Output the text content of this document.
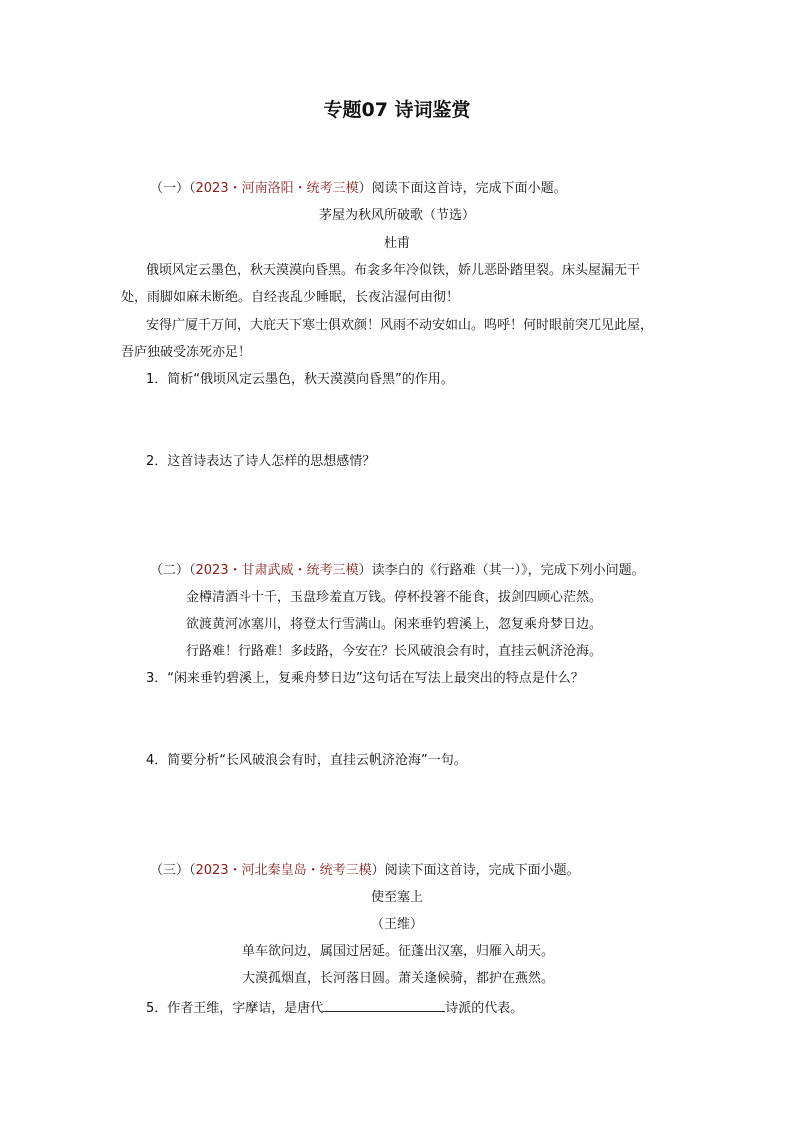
专题07 诗词鉴赏
（一）（2023・河南洛阳・统考三模）阅读下面这首诗，完成下面小题。
茅屋为秋风所破歌（节选）
杜甫
俄顷风定云墨色，秋天漠漠向昏黑。布衾多年冷似铁，娇儿恶卧踏里裂。床头屋漏无干
处，雨脚如麻未断绝。自经丧乱少睡眠，长夜沾湿何由彻！
安得广厦千万间，大庇天下寒士俱欢颜！风雨不动安如山。呜呼！何时眼前突兀见此屋，
吾庐独破受冻死亦足！
1．简析“俄顷风定云墨色，秋天漠漠向昏黑”的作用。
2．这首诗表达了诗人怎样的思想感情？
（二）（2023・甘肃武威・统考三模）读李白的《行路难（其一）》，完成下列小问题。
金樽清酒斗十千，玉盘珍羞直万钱。停杯投箸不能食，拔剑四顾心茫然。
欲渡黄河冰塞川，将登太行雪满山。闲来垂钓碧溪上，忽复乘舟梦日边。
行路难！行路难！多歧路，今安在？长风破浪会有时，直挂云帆济沧海。
3．“闲来垂钓碧溪上，复乘舟梦日边”这句话在写法上最突出的特点是什么？
4．简要分析“长风破浪会有时，直挂云帆济沧海”一句。
（三）（2023・河北秦皇岛・统考三模）阅读下面这首诗，完成下面小题。
使至塞上
（王维）
单车欲问边，属国过居延。征蓬出汉塞，归雁入胡天。
大漠孤烟直，长河落日圆。萧关逢候骑，都护在燕然。
5．作者王维，字摩诘，是唐代	诗派的代表。
